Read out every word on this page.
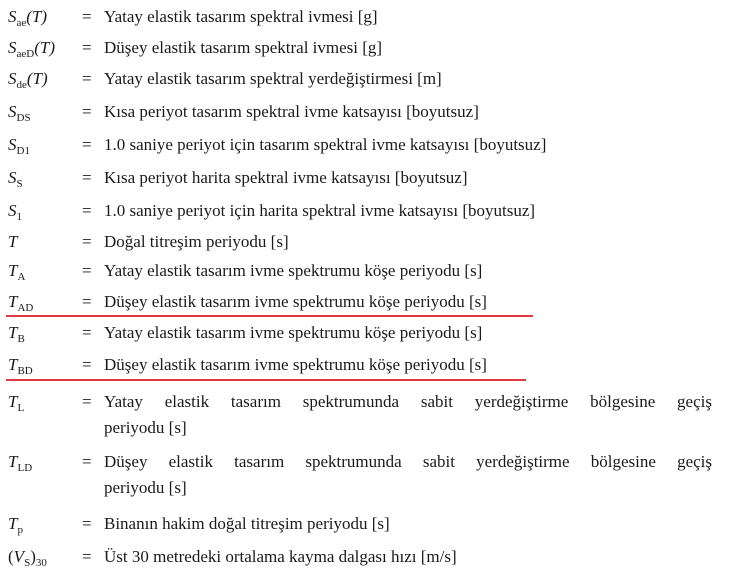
$S_{ae}(T)$ = Yatay elastik tasarım spektral ivmesi [g]
$S_{aeD}(T)$ = Düşey elastik tasarım spektral ivmesi [g]
$S_{de}(T)$ = Yatay elastik tasarım spektral yerdeğiştirmesi [m]
$S_{DS}$	= Kısa periyot tasarım spektral ivme katsayısı [boyutsuz]
$S_{D1}$	= 1.0 saniye periyot için tasarım spektral ivme katsayısı [boyutsuz]
$S_S$	= Kısa periyot harita spektral ivme katsayısı [boyutsuz]
$S_1$	= 1.0 saniye periyot için harita spektral ivme katsayısı [boyutsuz]
T	= Doğal titreşim periyodu [s]
$T_A$	= Yatay elastik tasarım ivme spektrumu köşe periyodu [s]
$T_{AD}$	= Düşey elastik tasarım ivme spektrumu köşe periyodu [s]
$T_B$	= Yatay elastik tasarım ivme spektrumu köşe periyodu [s]
$T_{BD}$	= Düşey elastik tasarım ivme spektrumu köşe periyodu [s]
$T_L$	= Yatay elastik tasarım spektrumunda sabit yerdeğiştirme bölgesine geçiş
periyodu [s]
$T_{LD}$	= Düşey elastik tasarım spektrumunda sabit yerdeğiştirme bölgesine geçiş
periyodu [s]
$T_p$	= Binanın hakim doğal titreşim periyodu [s]
$(V_S)_{30}$ = Üst 30 metredeki ortalama kayma dalgası hızı [m/s]
